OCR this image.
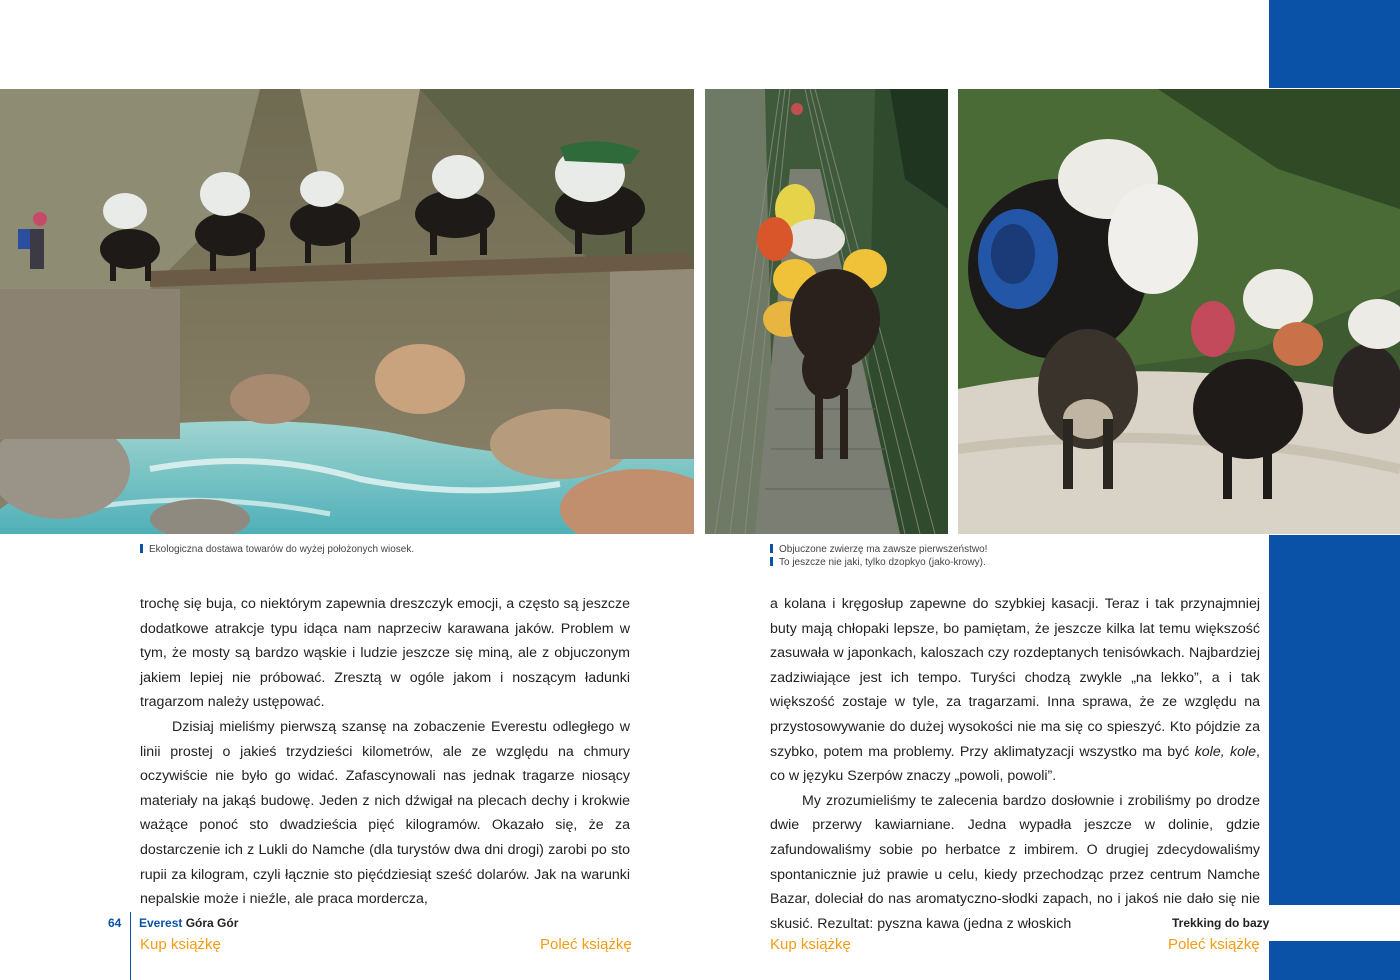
Ekologiczna dostawa towarów do wyżej położonych wiosek.	Objuczone zwierzę ma zawsze pierwszeństwo!
To jeszcze nie jaki, tylko dzopkyo (jako-krowy).

trochę się buja, co niektórym zapewnia dreszczyk emocji, a często są jeszcze dodatkowe atrakcje typu idąca nam naprzeciw karawana jaków. Problem w tym, że mosty są bardzo wąskie i ludzie jeszcze się miną, ale z objuczonym jakiem lepiej nie próbować. Zresztą w ogóle jakom i noszącym ładunki tragarzom należy ustępować.

Dzisiaj mieliśmy pierwszą szansę na zobaczenie Everestu odległego w linii prostej o jakieś trzydzieści kilometrów, ale ze względu na chmury oczywiście nie było go widać. Zafascynowali nas jednak tragarze niosący materiały na jakąś budowę. Jeden z nich dźwigał na plecach dechy i krokwie ważące ponoć sto dwadzieścia pięć kilogramów. Okazało się, że za dostarczenie ich z Lukli do Namche (dla turystów dwa dni drogi) zarobi po sto rupii za kilogram, czyli łącznie sto pięćdziesiąt sześć dolarów. Jak na warunki nepalskie może i nieźle, ale praca mordercza,

a kolana i kręgosłup zapewne do szybkiej kasacji. Teraz i tak przynajmniej buty mają chłopaki lepsze, bo pamiętam, że jeszcze kilka lat temu większość zasuwała w japonkach, kaloszach czy rozdeptanych tenisówkach. Najbardziej zadziwiające jest ich tempo. Turyści chodzą zwykle „na lekko”, a i tak większość zostaje w tyle, za tragarzami. Inna sprawa, że ze względu na przystosowywanie do dużej wysokości nie ma się co spieszyć. Kto pójdzie za szybko, potem ma problemy. Przy aklimatyzacji wszystko ma być kole, kole, co w języku Szerpów znaczy „powoli, powoli”.

My zrozumieliśmy te zalecenia bardzo dosłownie i zrobiliśmy po drodze dwie przerwy kawiarniane. Jedna wypadła jeszcze w dolinie, gdzie zafundowaliśmy sobie po herbatce z imbirem. O drugiej zdecydowaliśmy spontanicznie już prawie u celu, kiedy przechodząc przez centrum Namche Bazar, doleciał do nas aromatyczno-słodki zapach, no i jakoś nie dało się nie skusić. Rezultat: pyszna kawa (jedna z włoskich

64 Everest Góra Gór	Trekking do bazy 65
Kup książkę	Poleć książkę	Kup książkę	Poleć książkę
